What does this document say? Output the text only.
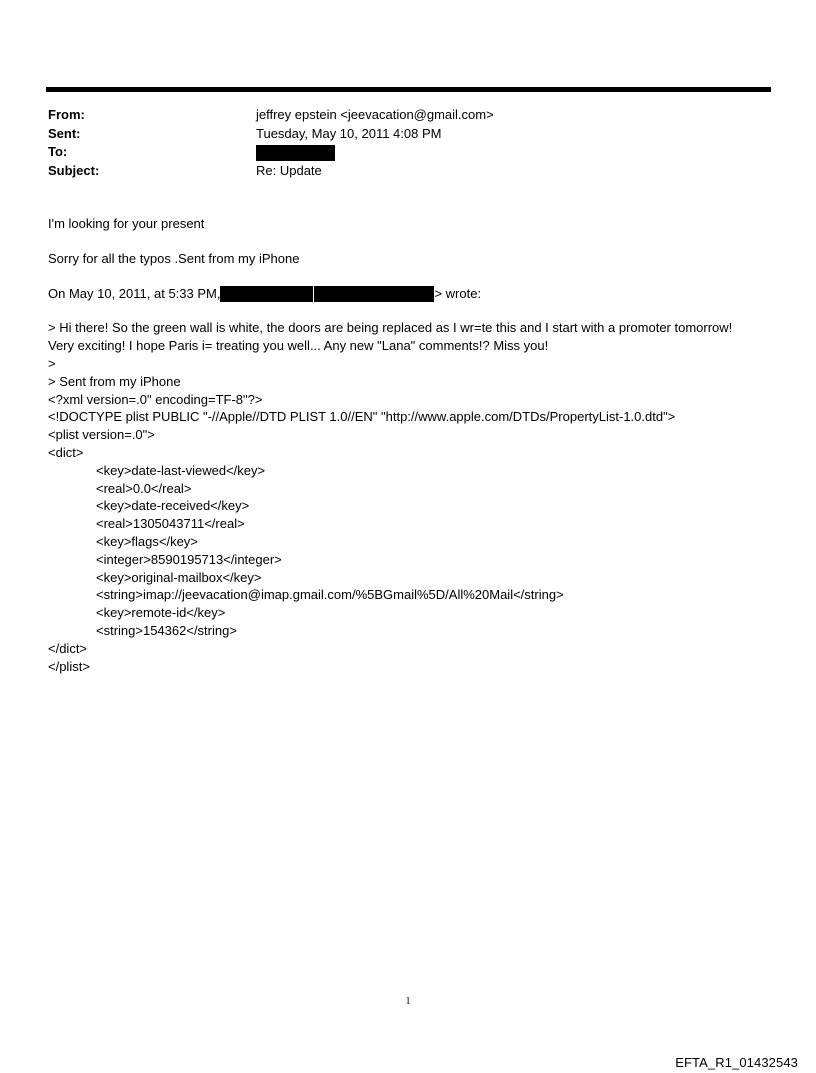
From:	jeffrey epstein <jeevacation@gmail.com>
Sent:	Tuesday, May 10, 2011 4:08 PM
To:
Subject:	Re: Update

I'm looking for your present

Sorry for all the typos .Sent from my iPhone

On May 10, 2011, at 5:33 PM,	> wrote:

> Hi there! So the green wall is white, the doors are being replaced as I wr=te this and I start with a promoter tomorrow!

Very exciting! I hope Paris i= treating you well... Any new "Lana" comments!? Miss you!

>

> Sent from my iPhone

<?xml version=.0" encoding=TF-8"?>

<!DOCTYPE plist PUBLIC "-//Apple//DTD PLIST 1.0//EN" "http://www.apple.com/DTDs/PropertyList-1.0.dtd">

<plist version=.0">

<dict>

<key>date-last-viewed</key>

<real>0.0</real>

<key>date-received</key>

<real>1305043711</real>

<key>flags</key>

<integer>8590195713</integer>

<key>original-mailbox</key>

<string>imap://jeevacation@imap.gmail.com/%5BGmail%5D/All%20Mail</string>

<key>remote-id</key>

<string>154362</string>

</dict>

</plist>

1
EFTA_R1_01432543
